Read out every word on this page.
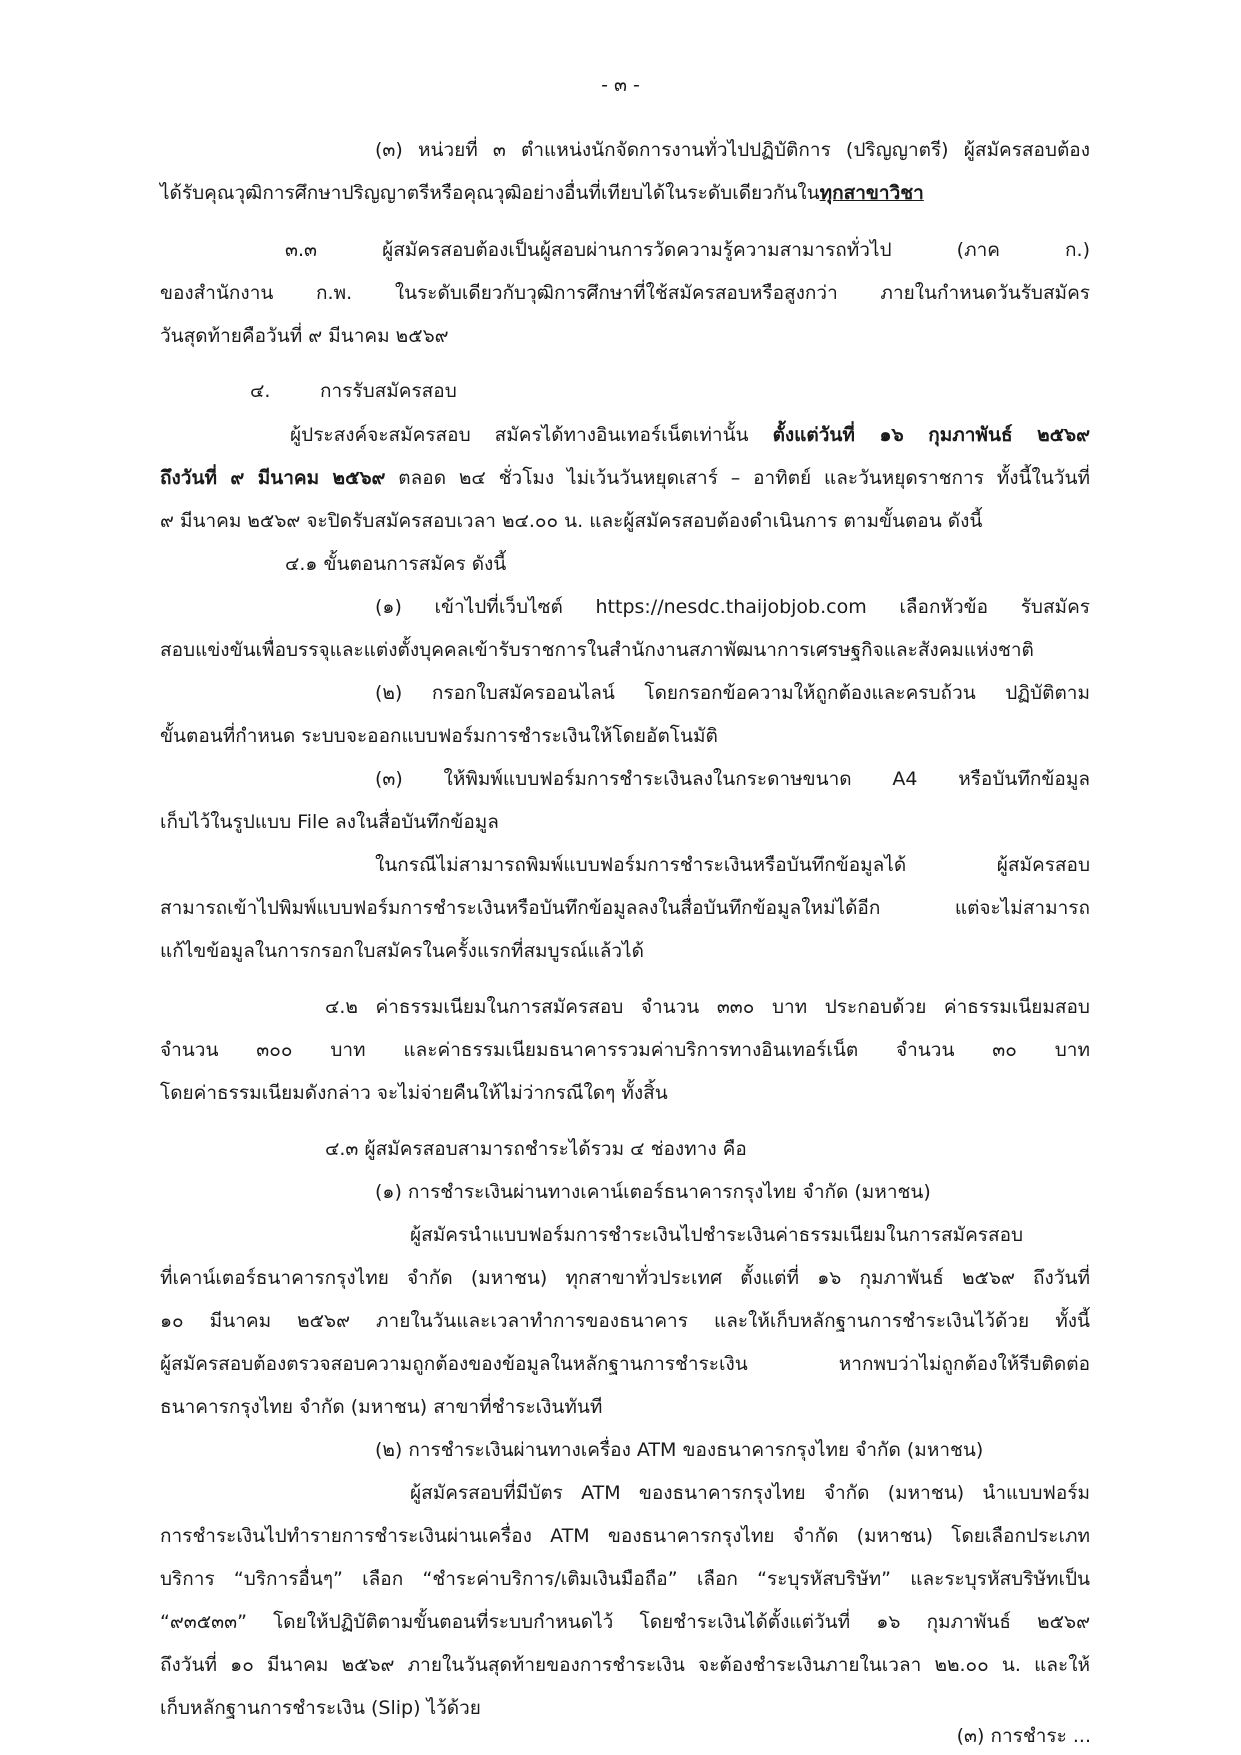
- ๓ -
(๓) หน่วยที่ ๓ ตำแหน่งนักจัดการงานทั่วไปปฏิบัติการ (ปริญญาตรี) ผู้สมัครสอบต้อง
ได้รับคุณวุฒิการศึกษาปริญญาตรีหรือคุณวุฒิอย่างอื่นที่เทียบได้ในระดับเดียวกันในทุกสาขาวิชา
๓.๓ ผู้สมัครสอบต้องเป็นผู้สอบผ่านการวัดความรู้ความสามารถทั่วไป (ภาค ก.)
ของสำนักงาน ก.พ. ในระดับเดียวกับวุฒิการศึกษาที่ใช้สมัครสอบหรือสูงกว่า ภายในกำหนดวันรับสมัคร
วันสุดท้ายคือวันที่ ๙ มีนาคม ๒๕๖๙
๔.	การรับสมัครสอบ
ผู้ประสงค์จะสมัครสอบ สมัครได้ทางอินเทอร์เน็ตเท่านั้น ตั้งแต่วันที่ ๑๖ กุมภาพันธ์ ๒๕๖๙
ถึงวันที่ ๙ มีนาคม ๒๕๖๙ ตลอด ๒๔ ชั่วโมง ไม่เว้นวันหยุดเสาร์ – อาทิตย์ และวันหยุดราชการ ทั้งนี้ในวันที่
๙ มีนาคม ๒๕๖๙ จะปิดรับสมัครสอบเวลา ๒๔.๐๐ น. และผู้สมัครสอบต้องดำเนินการ ตามขั้นตอน ดังนี้
๔.๑ ขั้นตอนการสมัคร ดังนี้
(๑) เข้าไปที่เว็บไซต์ https://nesdc.thaijobjob.com เลือกหัวข้อ รับสมัคร
สอบแข่งขันเพื่อบรรจุและแต่งตั้งบุคคลเข้ารับราชการในสำนักงานสภาพัฒนาการเศรษฐกิจและสังคมแห่งชาติ
(๒) กรอกใบสมัครออนไลน์ โดยกรอกข้อความให้ถูกต้องและครบถ้วน ปฏิบัติตาม
ขั้นตอนที่กำหนด ระบบจะออกแบบฟอร์มการชำระเงินให้โดยอัตโนมัติ
(๓) ให้พิมพ์แบบฟอร์มการชำระเงินลงในกระดาษขนาด A4 หรือบันทึกข้อมูล
เก็บไว้ในรูปแบบ File ลงในสื่อบันทึกข้อมูล
ในกรณีไม่สามารถพิมพ์แบบฟอร์มการชำระเงินหรือบันทึกข้อมูลได้ ผู้สมัครสอบ
สามารถเข้าไปพิมพ์แบบฟอร์มการชำระเงินหรือบันทึกข้อมูลลงในสื่อบันทึกข้อมูลใหม่ได้อีก แต่จะไม่สามารถ
แก้ไขข้อมูลในการกรอกใบสมัครในครั้งแรกที่สมบูรณ์แล้วได้
๔.๒ ค่าธรรมเนียมในการสมัครสอบ จำนวน ๓๓๐ บาท ประกอบด้วย ค่าธรรมเนียมสอบ
จำนวน ๓๐๐ บาท และค่าธรรมเนียมธนาคารรวมค่าบริการทางอินเทอร์เน็ต จำนวน ๓๐ บาท
โดยค่าธรรมเนียมดังกล่าว จะไม่จ่ายคืนให้ไม่ว่ากรณีใดๆ ทั้งสิ้น
๔.๓ ผู้สมัครสอบสามารถชำระได้รวม ๔ ช่องทาง คือ
(๑) การชำระเงินผ่านทางเคาน์เตอร์ธนาคารกรุงไทย จำกัด (มหาชน)
ผู้สมัครนำแบบฟอร์มการชำระเงินไปชำระเงินค่าธรรมเนียมในการสมัครสอบ
ที่เคาน์เตอร์ธนาคารกรุงไทย จำกัด (มหาชน) ทุกสาขาทั่วประเทศ ตั้งแต่ที่ ๑๖ กุมภาพันธ์ ๒๕๖๙ ถึงวันที่
๑๐ มีนาคม ๒๕๖๙ ภายในวันและเวลาทำการของธนาคาร และให้เก็บหลักฐานการชำระเงินไว้ด้วย ทั้งนี้
ผู้สมัครสอบต้องตรวจสอบความถูกต้องของข้อมูลในหลักฐานการชำระเงิน หากพบว่าไม่ถูกต้องให้รีบติดต่อ
ธนาคารกรุงไทย จำกัด (มหาชน) สาขาที่ชำระเงินทันที
(๒) การชำระเงินผ่านทางเครื่อง ATM ของธนาคารกรุงไทย จำกัด (มหาชน)
ผู้สมัครสอบที่มีบัตร ATM ของธนาคารกรุงไทย จำกัด (มหาชน) นำแบบฟอร์ม
การชำระเงินไปทำรายการชำระเงินผ่านเครื่อง ATM ของธนาคารกรุงไทย จำกัด (มหาชน) โดยเลือกประเภท
บริการ “บริการอื่นๆ” เลือก “ชำระค่าบริการ/เติมเงินมือถือ” เลือก “ระบุรหัสบริษัท” และระบุรหัสบริษัทเป็น
“๙๓๕๓๓” โดยให้ปฏิบัติตามขั้นตอนที่ระบบกำหนดไว้ โดยชำระเงินได้ตั้งแต่วันที่ ๑๖ กุมภาพันธ์ ๒๕๖๙
ถึงวันที่ ๑๐ มีนาคม ๒๕๖๙ ภายในวันสุดท้ายของการชำระเงิน จะต้องชำระเงินภายในเวลา ๒๒.๐๐ น. และให้
เก็บหลักฐานการชำระเงิน (Slip) ไว้ด้วย
(๓) การชำระ ...
